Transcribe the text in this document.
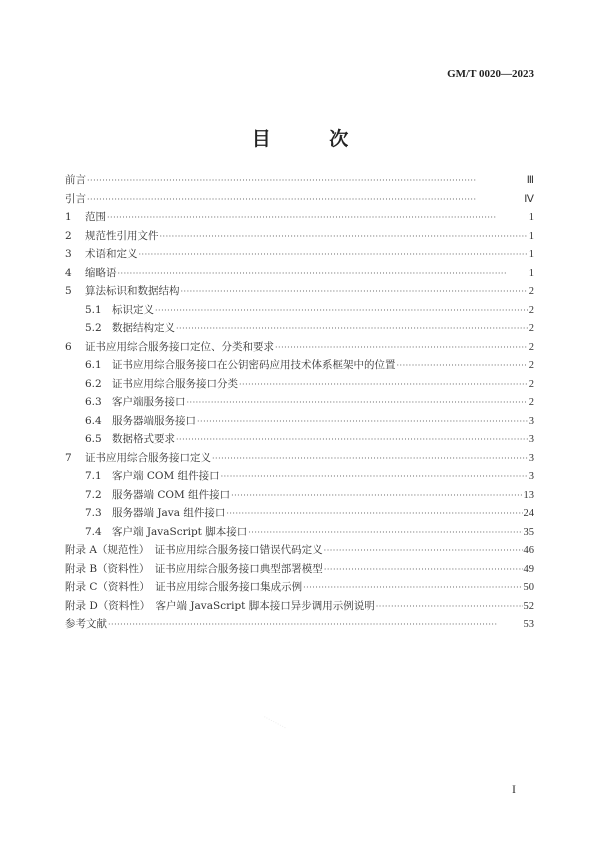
GM/T 0020—2023
目 次
前言 ·····	Ⅲ
引言 ·····	Ⅳ
1	范围 ·····	1
2	规范性引用文件 ·····	1
3	术语和定义 ·····	1
4	缩略语 ·····	1
5	算法标识和数据结构 ·····	2
5.1 标识定义 ·····	2
5.2 数据结构定义 ·····	2
6	证书应用综合服务接口定位、分类和要求 ·····	2
6.1 证书应用综合服务接口在公钥密码应用技术体系框架中的位置 ·····	2
6.2 证书应用综合服务接口分类 ·····	2
6.3 客户端服务接口 ·····	2
6.4 服务器端服务接口 ·····	3
6.5 数据格式要求 ·····	3
7	证书应用综合服务接口定义 ·····	3
7.1 客户端 COM 组件接口 ·····	3
7.2 服务器端 COM 组件接口 ·····	13
7.3 服务器端 Java 组件接口 ·····	24
7.4 客户端 JavaScript 脚本接口 ·····	35
附录 A（规范性）　证书应用综合服务接口错误代码定义 ·····	46
附录 B（资料性）　证书应用综合服务接口典型部署模型 ·····	49
附录 C（资料性）　证书应用综合服务接口集成示例 ·····	50
附录 D（资料性）　客户端 JavaScript 脚本接口异步调用示例说明 ·····	52
参考文献 ·····	53
··········
I
